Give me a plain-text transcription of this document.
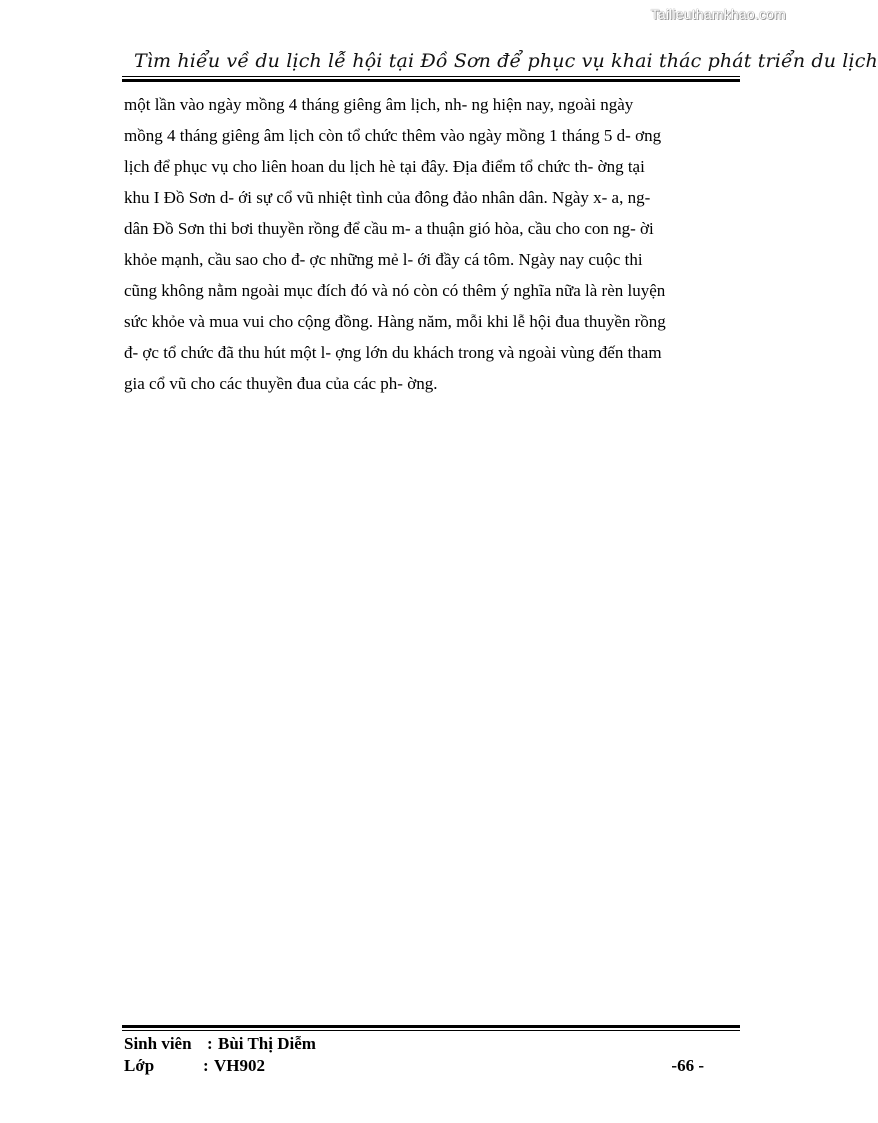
Tailieuthamkhao.com
Tìm hiểu về du lịch lễ hội tại Đồ Sơn để phục vụ khai thác phát triển du lịch
một lần vào ngày mồng 4 tháng giêng âm lịch, nh- ng hiện nay, ngoài ngày
mồng 4 tháng giêng âm lịch còn tổ chức thêm vào ngày mồng 1 tháng 5 d- ơng
lịch để phục vụ cho liên hoan du lịch hè tại đây. Địa điểm tổ chức th- ờng tại
khu I Đồ Sơn d- ới sự cổ vũ nhiệt tình của đông đảo nhân dân. Ngày x- a, ng-
dân Đồ Sơn thi bơi thuyền rồng để cầu m- a thuận gió hòa, cầu cho con ng- ời
khỏe mạnh, cầu sao cho đ- ợc những mẻ l- ới đầy cá tôm. Ngày nay cuộc thi
cũng không nằm ngoài mục đích đó và nó còn có thêm ý nghĩa nữa là rèn luyện
sức khỏe và mua vui cho cộng đồng. Hàng năm, mỗi khi lễ hội đua thuyền rồng
đ- ợc tổ chức đã thu hút một l- ợng lớn du khách trong và ngoài vùng đến tham
gia cổ vũ cho các thuyền đua của các ph- ờng.
Sinh viên : Bùi Thị Diễm
Lớp	: VH902	-66 -
